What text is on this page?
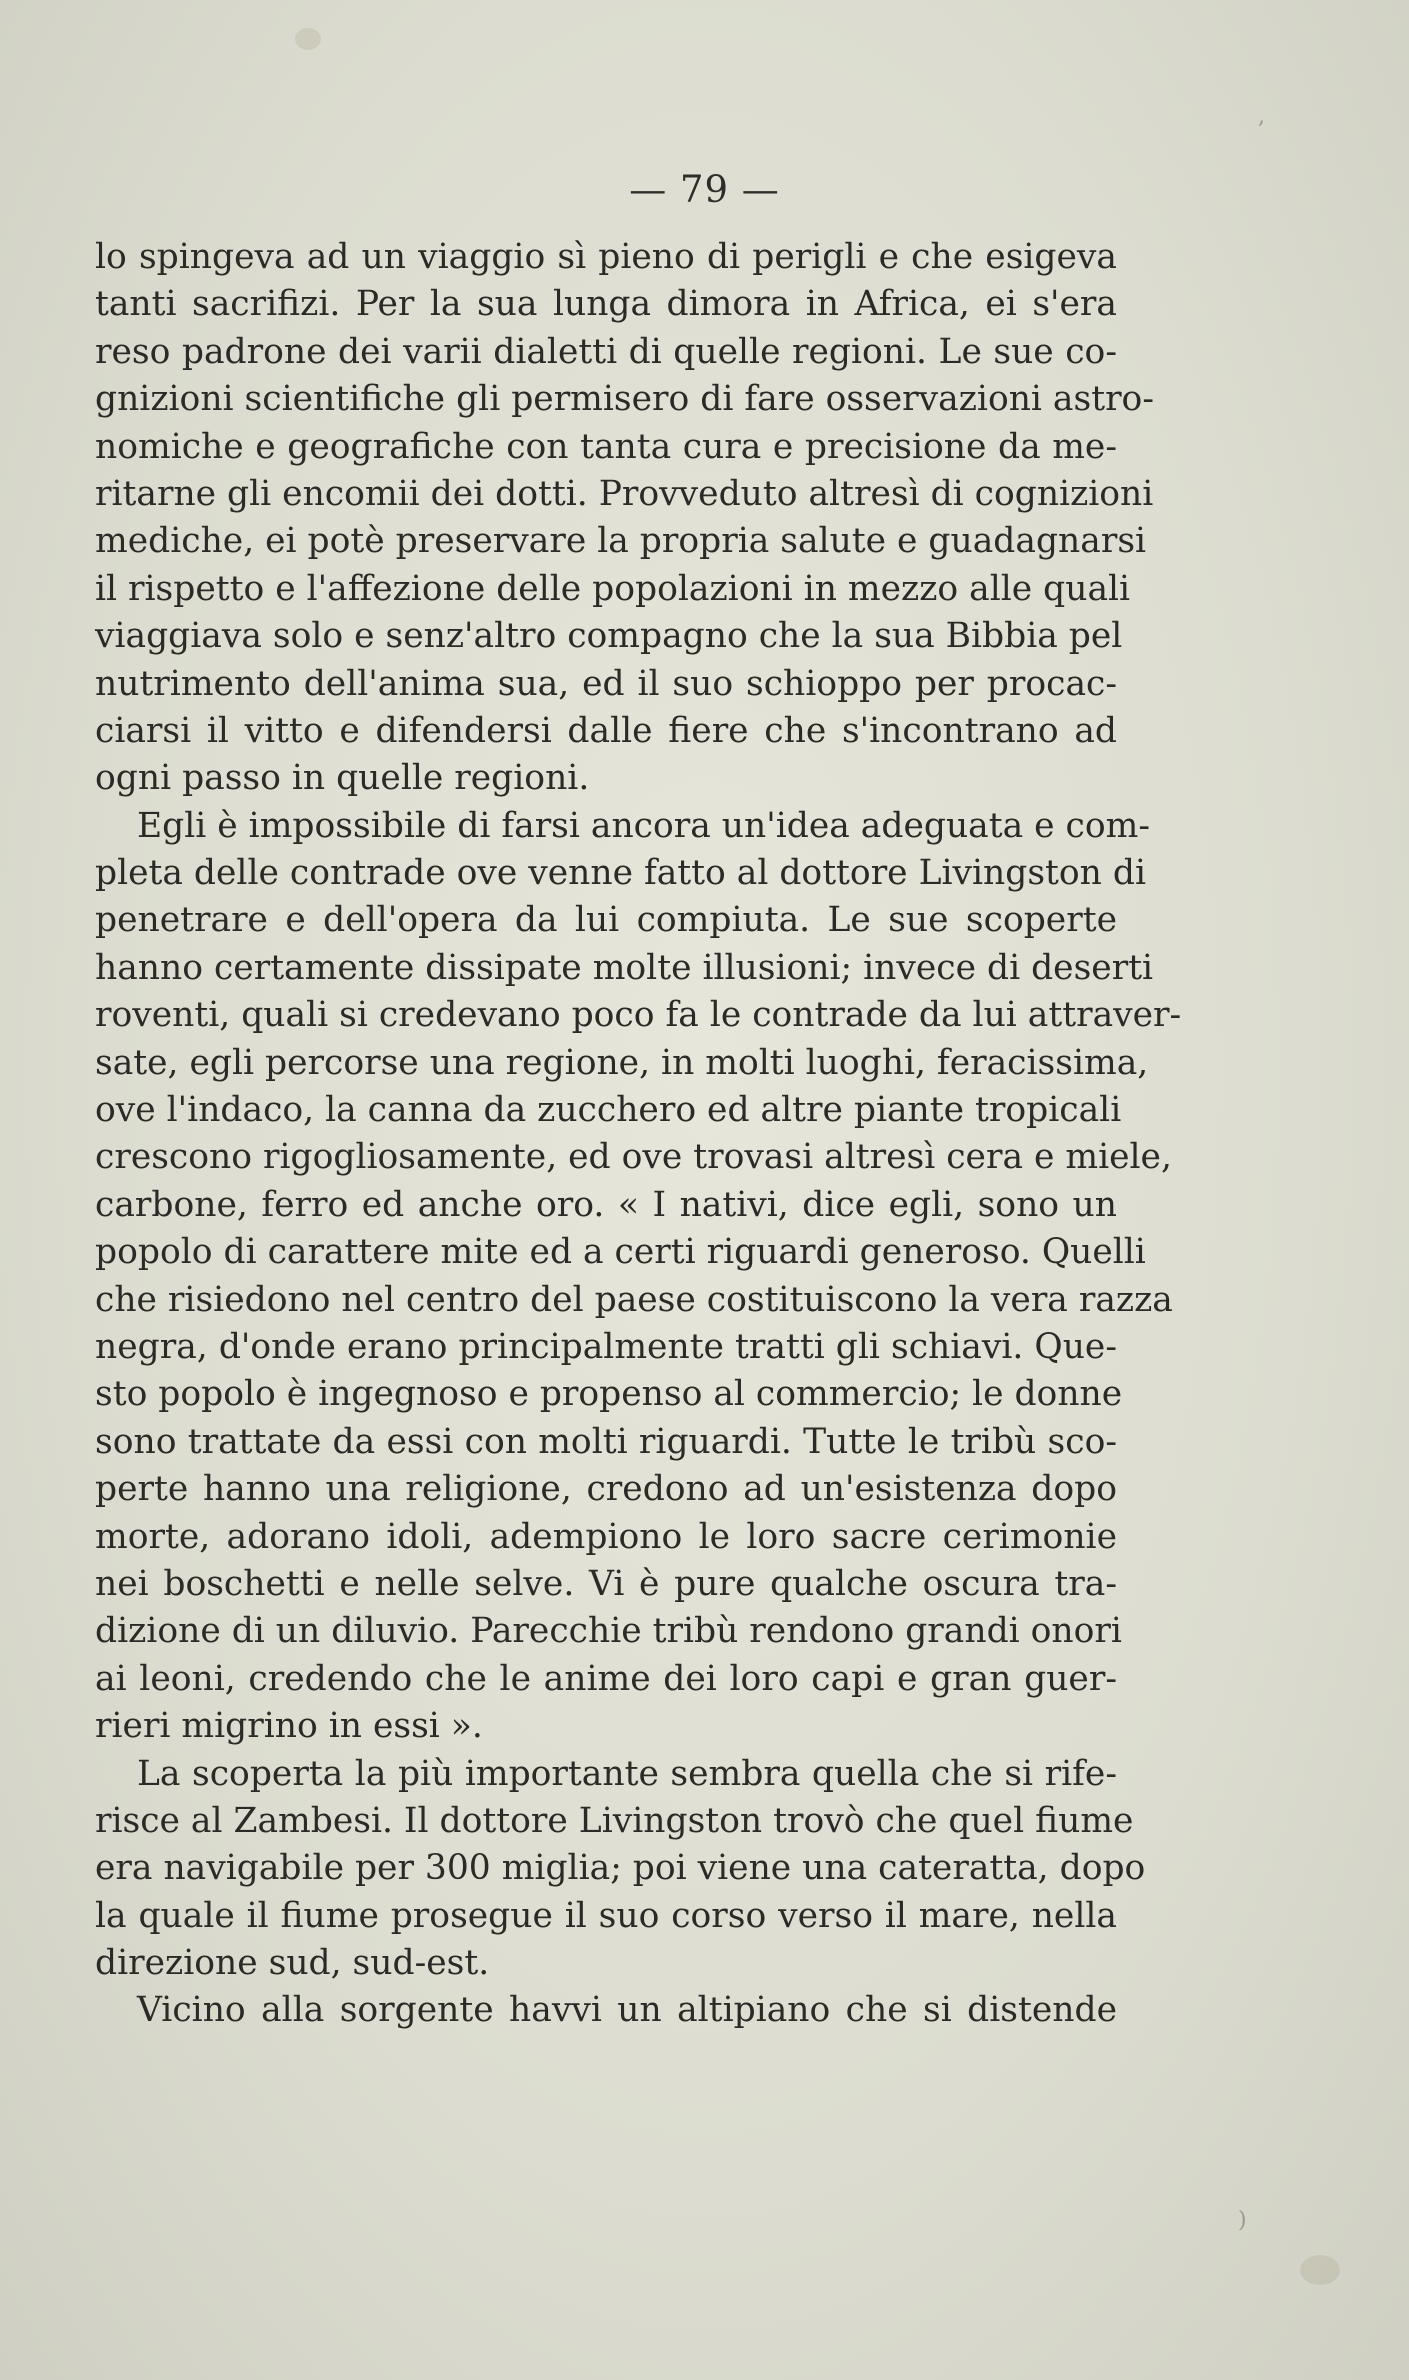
,
)
— 79 —
lo spingeva ad un viaggio sì pieno di perigli e che esigeva
tanti sacrifizi. Per la sua lunga dimora in Africa, ei s'era
reso padrone dei varii dialetti di quelle regioni. Le sue co-
gnizioni scientifiche gli permisero di fare osservazioni astro-
nomiche e geografiche con tanta cura e precisione da me-
ritarne gli encomii dei dotti. Provveduto altresì di cognizioni
mediche, ei potè preservare la propria salute e guadagnarsi
il rispetto e l'affezione delle popolazioni in mezzo alle quali
viaggiava solo e senz'altro compagno che la sua Bibbia pel
nutrimento dell'anima sua, ed il suo schioppo per procac-
ciarsi il vitto e difendersi dalle fiere che s'incontrano ad
ogni passo in quelle regioni.
Egli è impossibile di farsi ancora un'idea adeguata e com-
pleta delle contrade ove venne fatto al dottore Livingston di
penetrare e dell'opera da lui compiuta. Le sue scoperte
hanno certamente dissipate molte illusioni; invece di deserti
roventi, quali si credevano poco fa le contrade da lui attraver-
sate, egli percorse una regione, in molti luoghi, feracissima,
ove l'indaco, la canna da zucchero ed altre piante tropicali
crescono rigogliosamente, ed ove trovasi altresì cera e miele,
carbone, ferro ed anche oro. « I nativi, dice egli, sono un
popolo di carattere mite ed a certi riguardi generoso. Quelli
che risiedono nel centro del paese costituiscono la vera razza
negra, d'onde erano principalmente tratti gli schiavi. Que-
sto popolo è ingegnoso e propenso al commercio; le donne
sono trattate da essi con molti riguardi. Tutte le tribù sco-
perte hanno una religione, credono ad un'esistenza dopo
morte, adorano idoli, adempiono le loro sacre cerimonie
nei boschetti e nelle selve. Vi è pure qualche oscura tra-
dizione di un diluvio. Parecchie tribù rendono grandi onori
ai leoni, credendo che le anime dei loro capi e gran guer-
rieri migrino in essi ».
La scoperta la più importante sembra quella che si rife-
risce al Zambesi. Il dottore Livingston trovò che quel fiume
era navigabile per 300 miglia; poi viene una cateratta, dopo
la quale il fiume prosegue il suo corso verso il mare, nella
direzione sud, sud-est.
Vicino alla sorgente havvi un altipiano che si distende
